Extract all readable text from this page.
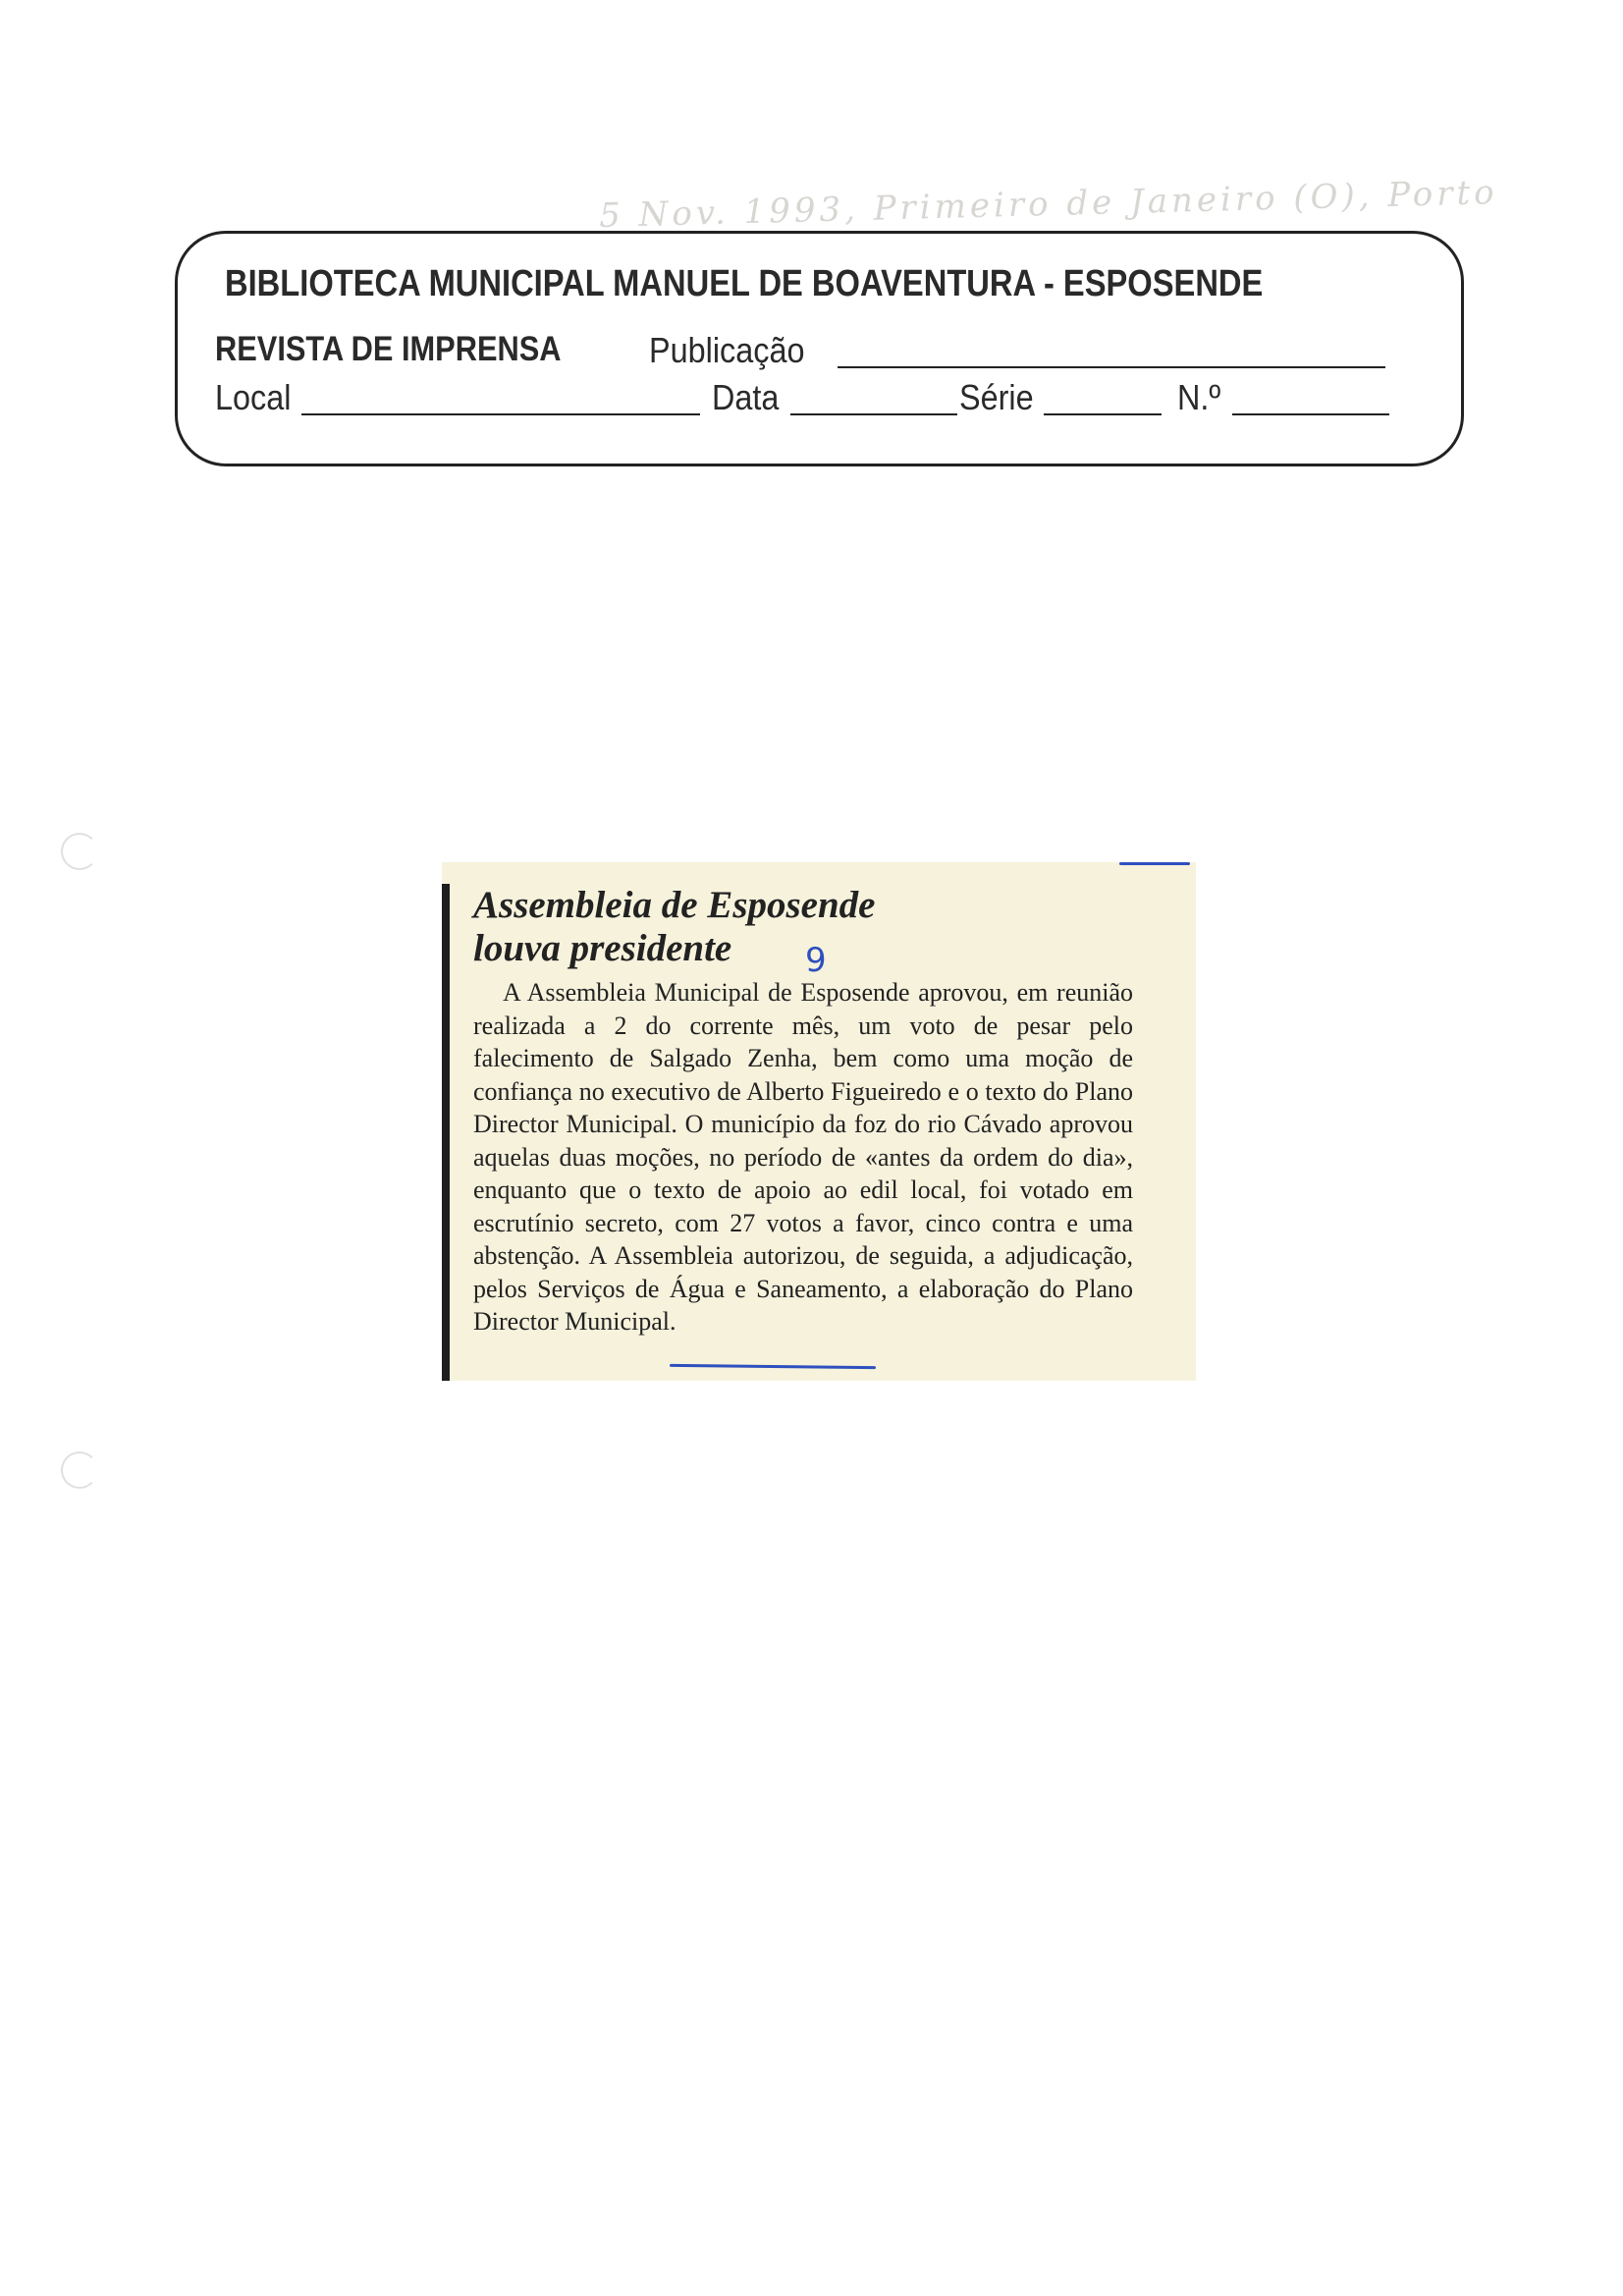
5 Nov. 1993, Primeiro de Janeiro (O), Porto
BIBLIOTECA MUNICIPAL MANUEL DE BOAVENTURA - ESPOSENDE
REVISTA DE IMPRENSA	Publicação
Local	Data	Série	N.º
Assembleia de Esposende
louva presidente	9

A Assembleia Municipal de Esposende aprovou, em reunião realizada a 2 do corrente mês, um voto de pesar pelo falecimento de Salgado Zenha, bem como uma moção de confiança no executivo de Alberto Figueiredo e o texto do Plano Director Municipal. O município da foz do rio Cávado aprovou aquelas duas moções, no período de «antes da ordem do dia», enquanto que o texto de apoio ao edil local, foi votado em escrutínio secreto, com 27 votos a favor, cinco contra e uma abstenção. A Assembleia autorizou, de seguida, a adjudicação, pelos Serviços de Água e Saneamento, a elaboração do Plano Director Municipal.
